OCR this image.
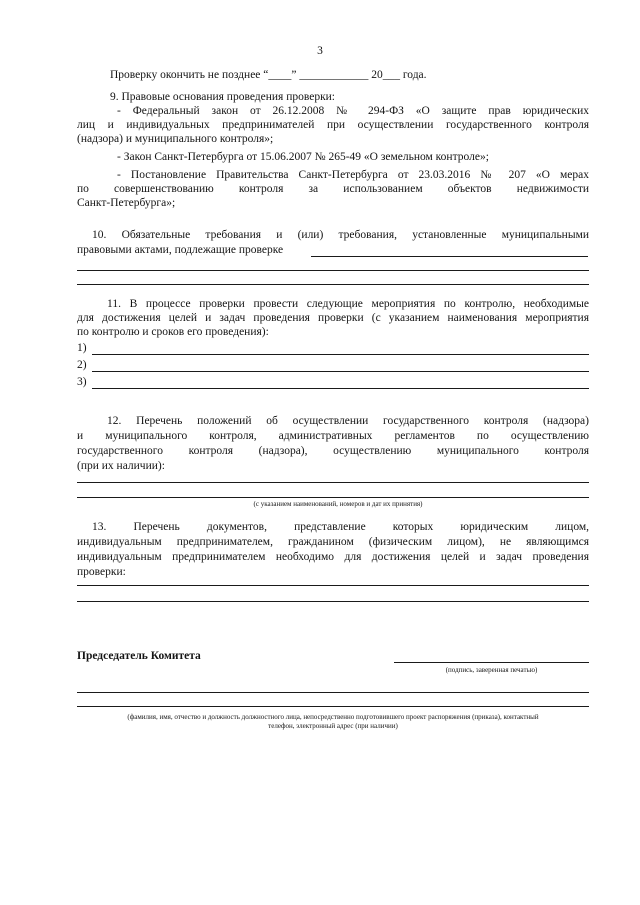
3
Проверку окончить не позднее “____” ____________ 20___ года.
9. Правовые основания проведения проверки:
- Федеральный закон от 26.12.2008 № 294-ФЗ «О защите прав юридических
лиц и индивидуальных предпринимателей при осуществлении государственного контроля
(надзора) и муниципального контроля»;
- Закон Санкт-Петербурга от 15.06.2007 № 265-49 «О земельном контроле»;
- Постановление Правительства Санкт-Петербурга от 23.03.2016 № 207 «О мерах
по совершенствованию контроля за использованием объектов недвижимости
Санкт-Петербурга»;
10. Обязательные требования и (или) требования, установленные муниципальными
правовыми актами, подлежащие проверке
11. В процессе проверки провести следующие мероприятия по контролю, необходимые
для достижения целей и задач проведения проверки (с указанием наименования мероприятия
по контролю и сроков его проведения):
1)
2)
3)
12. Перечень положений об осуществлении государственного контроля (надзора)
и муниципального контроля, административных регламентов по осуществлению
государственного контроля (надзора), осуществлению муниципального контроля
(при их наличии):
(с указанием наименований, номеров и дат их принятия)
13. Перечень документов, представление которых юридическим лицом,
индивидуальным предпринимателем, гражданином (физическим лицом), не являющимся
индивидуальным предпринимателем необходимо для достижения целей и задач проведения
проверки:
Председатель Комитета
(подпись, заверенная печатью)
(фамилия, имя, отчество и должность должностного лица, непосредственно подготовившего проект распоряжения (приказа), контактный
телефон, электронный адрес (при наличии)
